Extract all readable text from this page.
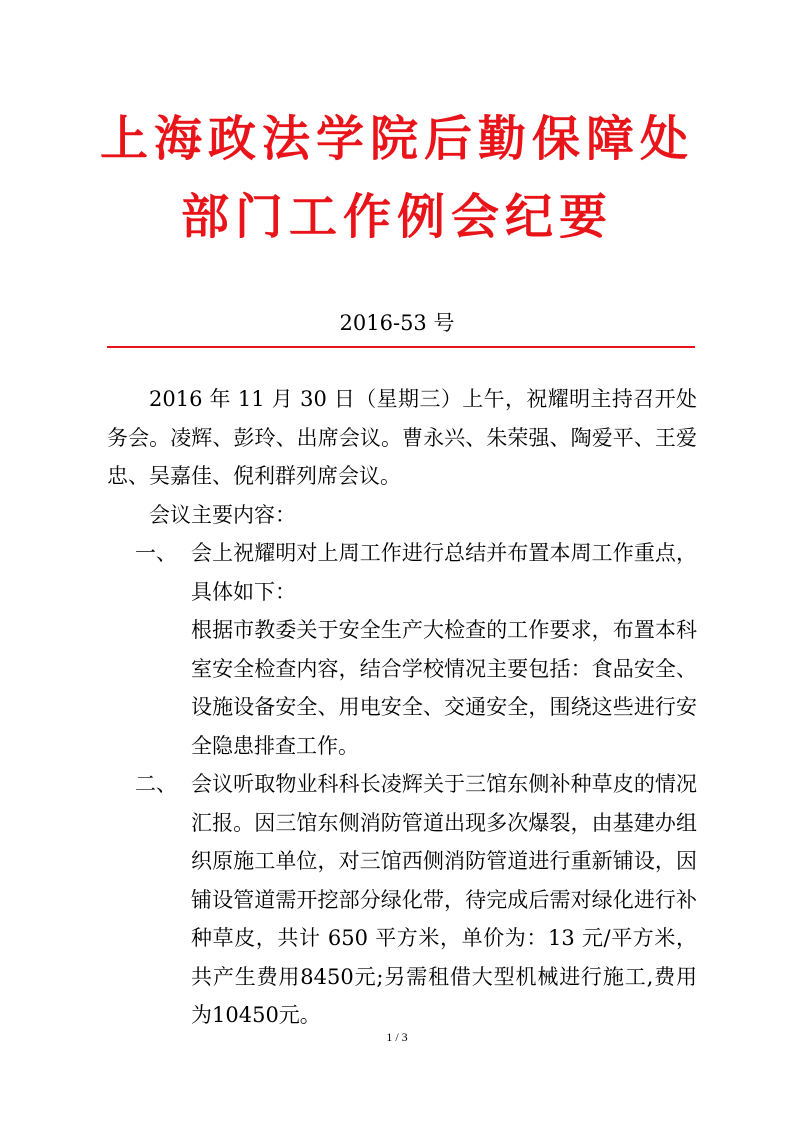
上海政法学院后勤保障处
部门工作例会纪要
2016-53 号

2016 年 11 月 30 日（星期三）上午，祝耀明主持召开处务会。凌辉、彭玲、出席会议。曹永兴、朱荣强、陶爱平、王爱忠、吴嘉佳、倪利群列席会议。

会议主要内容：

一、 会上祝耀明对上周工作进行总结并布置本周工作重点，具体如下：

根据市教委关于安全生产大检查的工作要求，布置本科室安全检查内容，结合学校情况主要包括：食品安全、设施设备安全、用电安全、交通安全，围绕这些进行安全隐患排查工作。

二、 会议听取物业科科长凌辉关于三馆东侧补种草皮的情况汇报。因三馆东侧消防管道出现多次爆裂，由基建办组织原施工单位，对三馆西侧消防管道进行重新铺设，因铺设管道需开挖部分绿化带，待完成后需对绿化进行补种草皮，共计 650 平方米，单价为：13 元/平方米，共产生费用8450元;另需租借大型机械进行施工,费用为10450元。
1 / 3
